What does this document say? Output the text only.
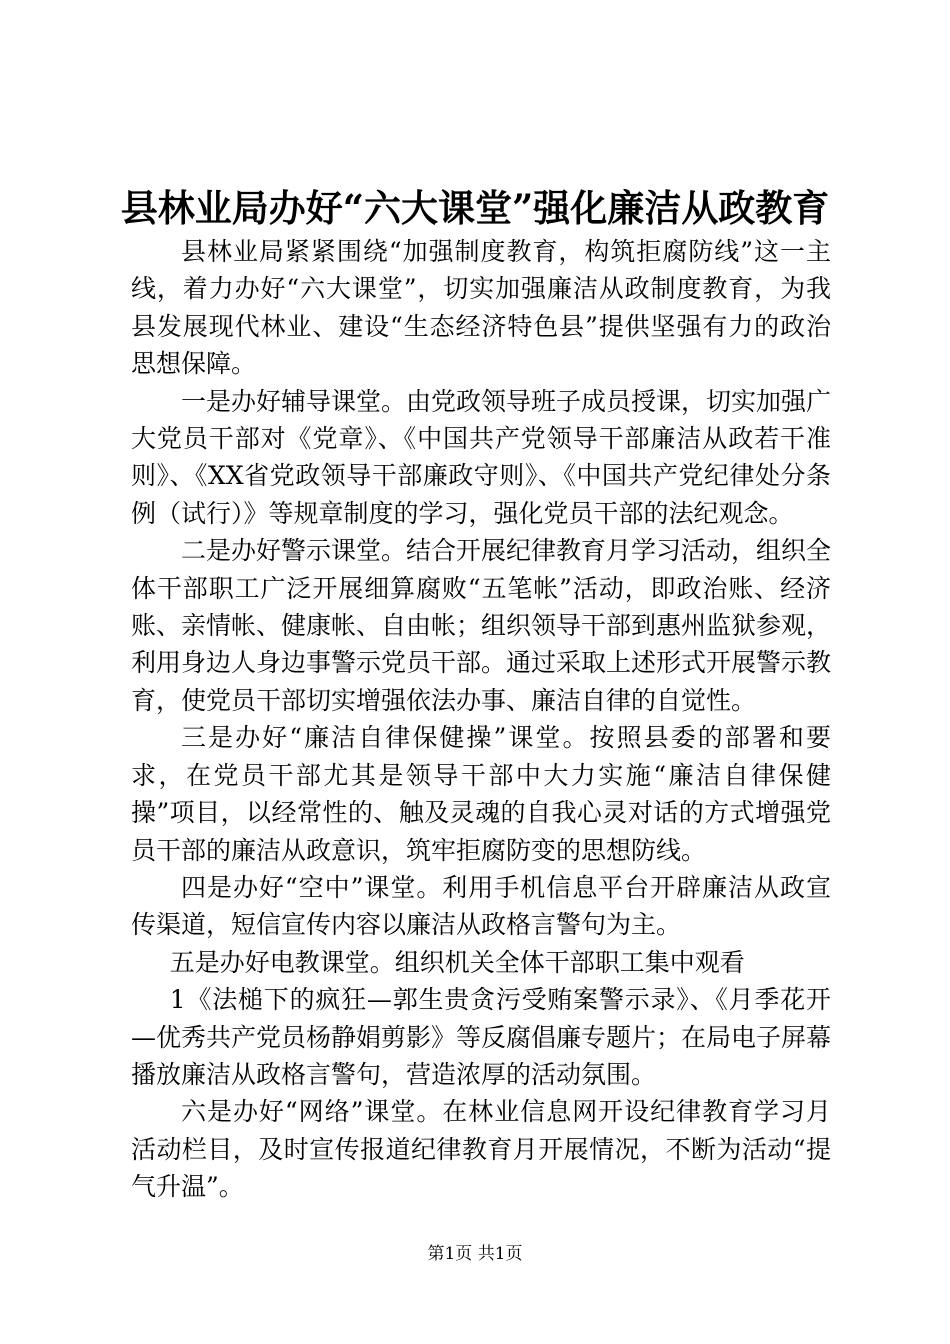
县林业局办好“六大课堂”强化廉洁从政教育

县林业局紧紧围绕“加强制度教育，构筑拒腐防线”这一主线，着力办好“六大课堂”，切实加强廉洁从政制度教育，为我县发展现代林业、建设“生态经济特色县”提供坚强有力的政治思想保障。

一是办好辅导课堂。由党政领导班子成员授课，切实加强广大党员干部对《党章》、《中国共产党领导干部廉洁从政若干准则》、《XX省党政领导干部廉政守则》、《中国共产党纪律处分条例（试行）》等规章制度的学习，强化党员干部的法纪观念。

二是办好警示课堂。结合开展纪律教育月学习活动，组织全体干部职工广泛开展细算腐败“五笔帐”活动，即政治账、经济账、亲情帐、健康帐、自由帐；组织领导干部到惠州监狱参观，利用身边人身边事警示党员干部。通过采取上述形式开展警示教育，使党员干部切实增强依法办事、廉洁自律的自觉性。

三是办好“廉洁自律保健操”课堂。按照县委的部署和要求，在党员干部尤其是领导干部中大力实施“廉洁自律保健操”项目，以经常性的、触及灵魂的自我心灵对话的方式增强党员干部的廉洁从政意识，筑牢拒腐防变的思想防线。

四是办好“空中”课堂。利用手机信息平台开辟廉洁从政宣传渠道，短信宣传内容以廉洁从政格言警句为主。

五是办好电教课堂。组织机关全体干部职工集中观看

1《法槌下的疯狂—郭生贵贪污受贿案警示录》、《月季花开—优秀共产党员杨静娟剪影》等反腐倡廉专题片；在局电子屏幕播放廉洁从政格言警句，营造浓厚的活动氛围。

六是办好“网络”课堂。在林业信息网开设纪律教育学习月活动栏目，及时宣传报道纪律教育月开展情况，不断为活动“提气升温”。

第1页 共1页
